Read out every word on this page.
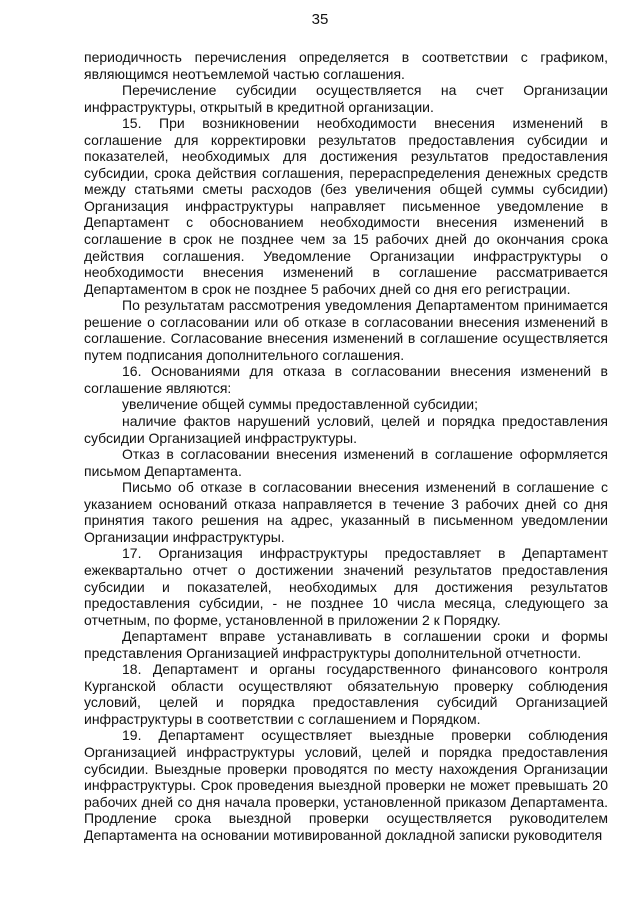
35

периодичность перечисления определяется в соответствии с графиком, являющимся неотъемлемой частью соглашения.

Перечисление субсидии осуществляется на счет Организации инфраструктуры, открытый в кредитной организации.

15. При возникновении необходимости внесения изменений в соглашение для корректировки результатов предоставления субсидии и показателей, необходимых для достижения результатов предоставления субсидии, срока действия соглашения, перераспределения денежных средств между статьями сметы расходов (без увеличения общей суммы субсидии) Организация инфраструктуры направляет письменное уведомление в Департамент с обоснованием необходимости внесения изменений в соглашение в срок не позднее чем за 15 рабочих дней до окончания срока действия соглашения. Уведомление Организации инфраструктуры о необходимости внесения изменений в соглашение рассматривается Департаментом в срок не позднее 5 рабочих дней со дня его регистрации.

По результатам рассмотрения уведомления Департаментом принимается решение о согласовании или об отказе в согласовании внесения изменений в соглашение. Согласование внесения изменений в соглашение осуществляется путем подписания дополнительного соглашения.

16. Основаниями для отказа в согласовании внесения изменений в соглашение являются:

увеличение общей суммы предоставленной субсидии;

наличие фактов нарушений условий, целей и порядка предоставления субсидии Организацией инфраструктуры.

Отказ в согласовании внесения изменений в соглашение оформляется письмом Департамента.

Письмо об отказе в согласовании внесения изменений в соглашение с указанием оснований отказа направляется в течение 3 рабочих дней со дня принятия такого решения на адрес, указанный в письменном уведомлении Организации инфраструктуры.

17. Организация инфраструктуры предоставляет в Департамент ежеквартально отчет о достижении значений результатов предоставления субсидии и показателей, необходимых для достижения результатов предоставления субсидии, - не позднее 10 числа месяца, следующего за отчетным, по форме, установленной в приложении 2 к Порядку.

Департамент вправе устанавливать в соглашении сроки и формы представления Организацией инфраструктуры дополнительной отчетности.

18. Департамент и органы государственного финансового контроля Курганской области осуществляют обязательную проверку соблюдения условий, целей и порядка предоставления субсидий Организацией инфраструктуры в соответствии с соглашением и Порядком.

19. Департамент осуществляет выездные проверки соблюдения Организацией инфраструктуры условий, целей и порядка предоставления субсидии. Выездные проверки проводятся по месту нахождения Организации инфраструктуры. Срок проведения выездной проверки не может превышать 20 рабочих дней со дня начала проверки, установленной приказом Департамента. Продление срока выездной проверки осуществляется руководителем Департамента на основании мотивированной докладной записки руководителя
